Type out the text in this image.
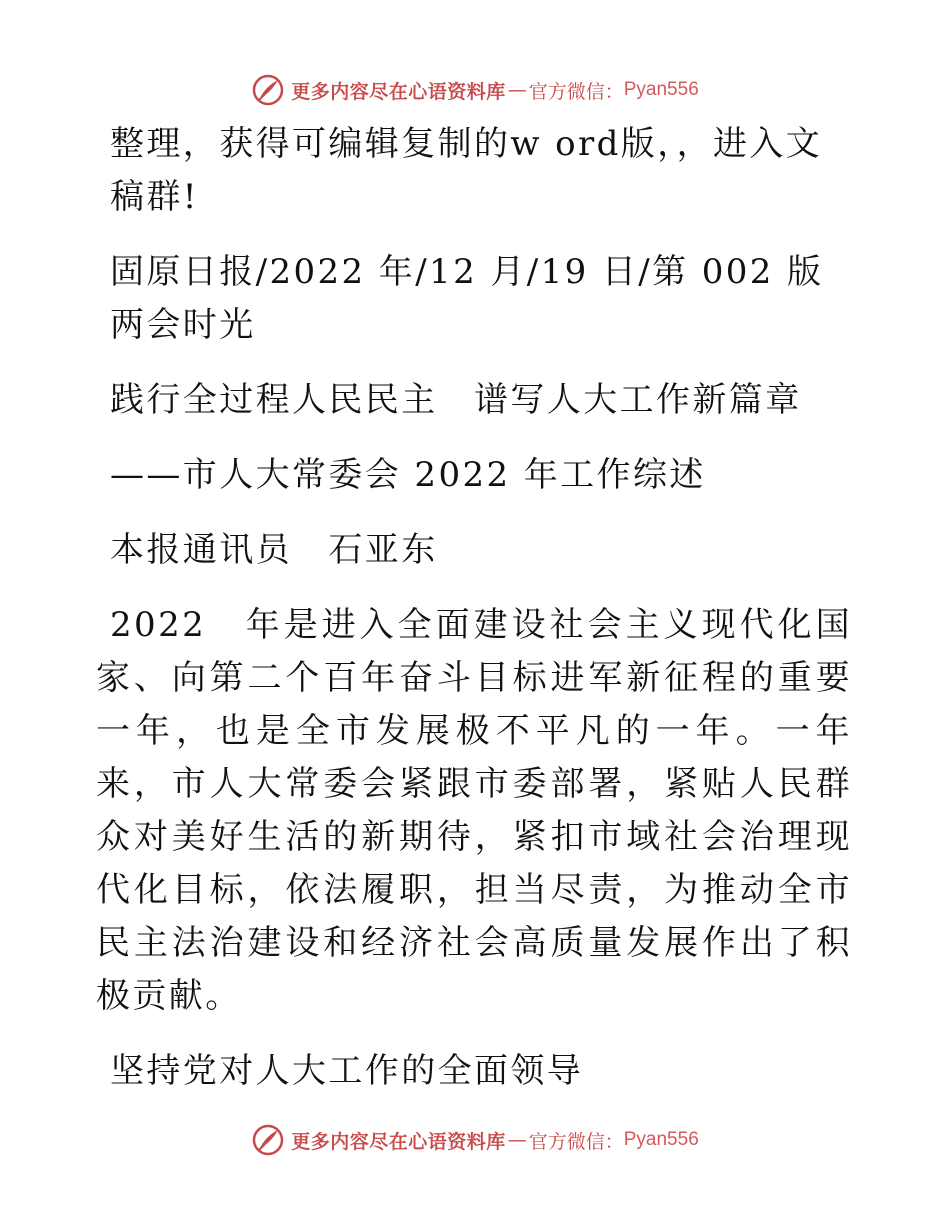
更多内容尽在心语资料库 — 官方微信： Pyan556

整理，获得可编辑复制的w ord版，，进入文稿群!

固原日报/2022 年/12 月/19 日/第 002 版两会时光

践行全过程人民民主　谱写人大工作新篇章

——市人大常委会 2022 年工作综述

本报通讯员　石亚东

2022　年是进入全面建设社会主义现代化国家、向第二个百年奋斗目标进军新征程的重要一年，也是全市发展极不平凡的一年。一年来，市人大常委会紧跟市委部署，紧贴人民群众对美好生活的新期待，紧扣市域社会治理现代化目标，依法履职，担当尽责，为推动全市民主法治建设和经济社会高质量发展作出了积极贡献。

坚持党对人大工作的全面领导

更多内容尽在心语资料库 — 官方微信： Pyan556
